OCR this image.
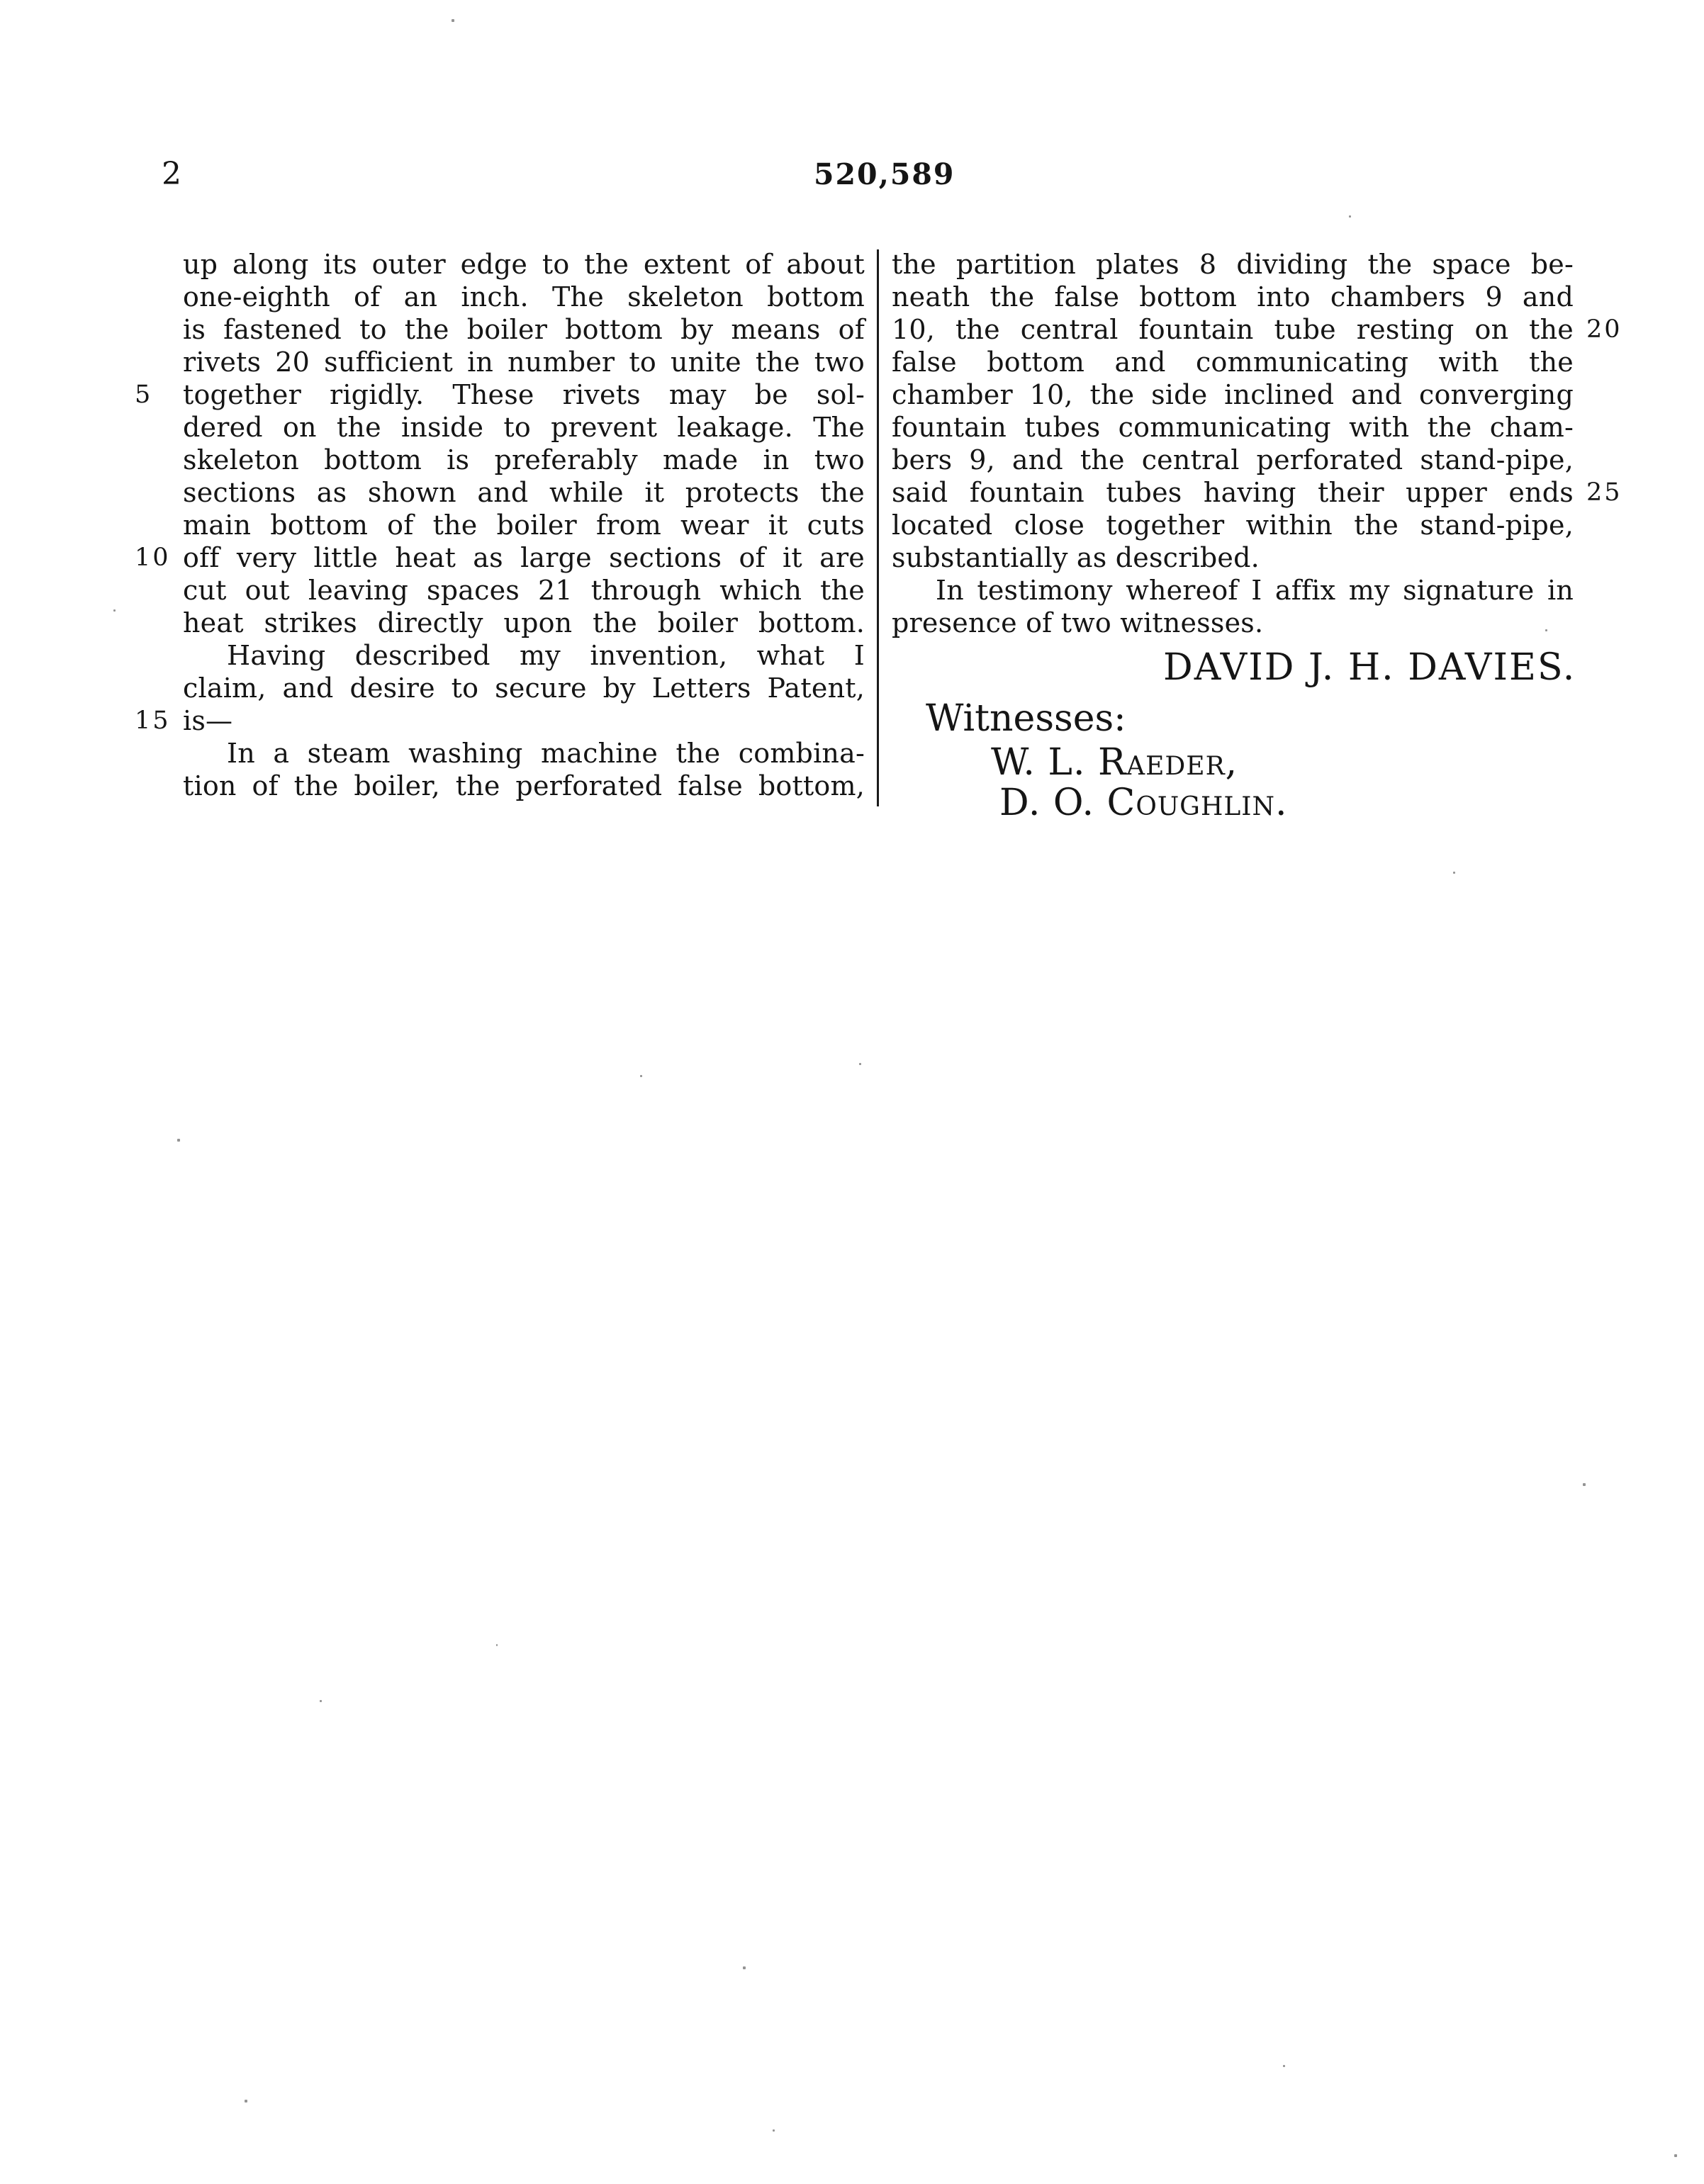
2	520,589
up along its outer edge to the extent of about
one-eighth of an inch. The skeleton bottom
is fastened to the boiler bottom by means of
rivets 20 sufficient in number to unite the two
5	together rigidly. These rivets may be sol-
dered on the inside to prevent leakage. The
skeleton bottom is preferably made in two
sections as shown and while it protects the
main bottom of the boiler from wear it cuts
10 off very little heat as large sections of it are
cut out leaving spaces 21 through which the
heat strikes directly upon the boiler bottom.
Having described my invention, what I
claim, and desire to secure by Letters Patent,
15 is—
In a steam washing machine the combina-
tion of the boiler, the perforated false bottom,
the partition plates 8 dividing the space be-
neath the false bottom into chambers 9 and
20
10, the central fountain tube resting on the
false bottom and communicating with the
chamber 10, the side inclined and converging
fountain tubes communicating with the cham-
bers 9, and the central perforated stand-pipe,
25
said fountain tubes having their upper ends
located close together within the stand-pipe,
substantially as described.
In testimony whereof I affix my signature in
presence of two witnesses.
DAVID J. H. DAVIES.
Witnesses:
W. L. Raeder,
D. O. Coughlin.
